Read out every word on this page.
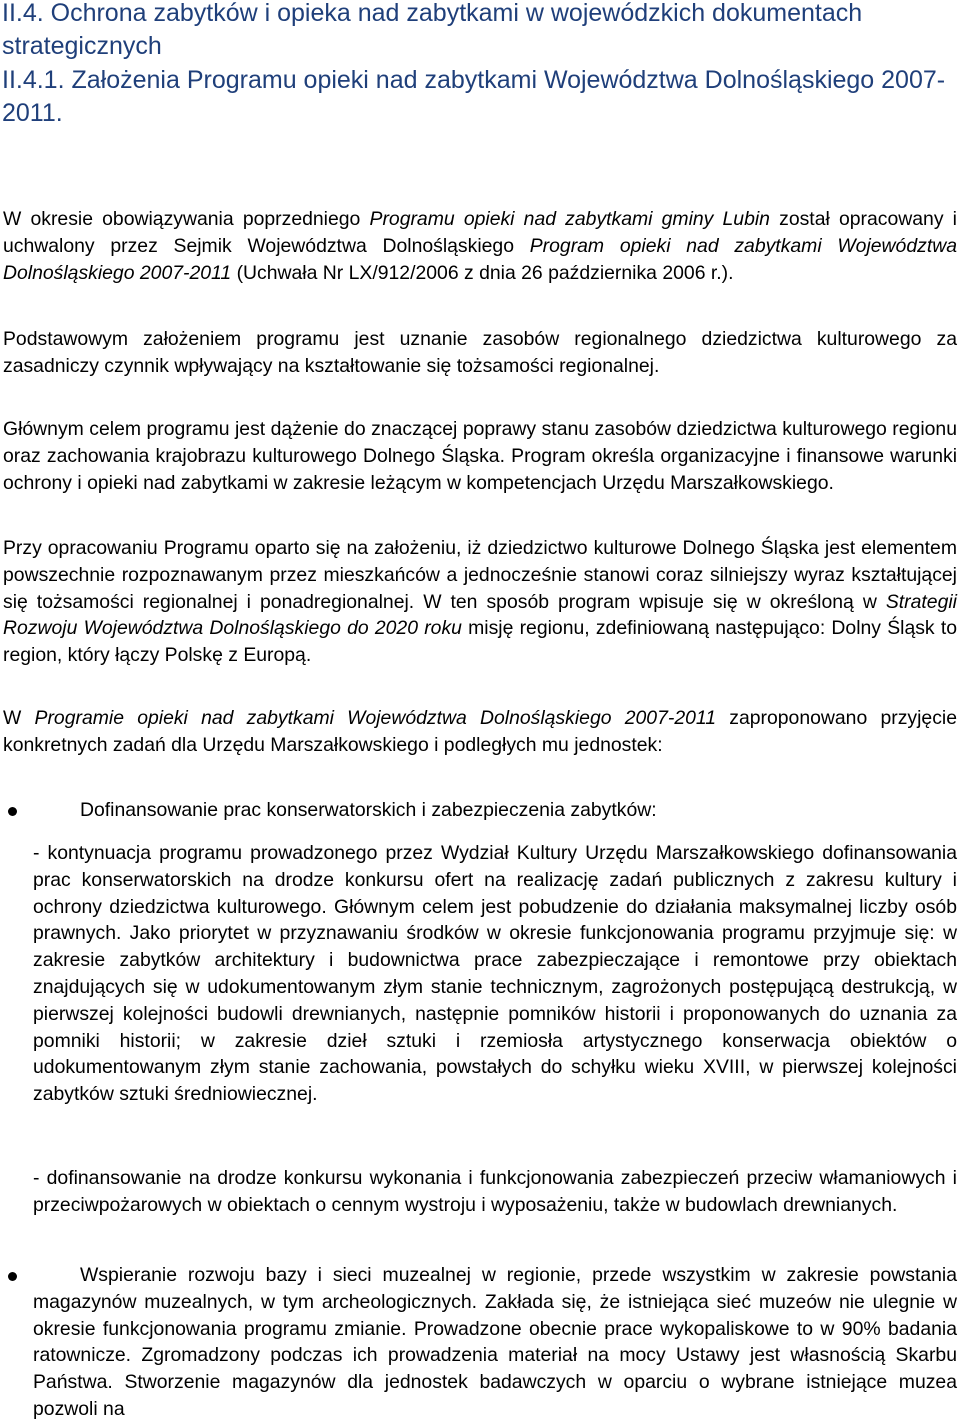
II.4. Ochrona zabytków i opieka nad zabytkami w wojewódzkich dokumentach strategicznych
II.4.1. Założenia Programu opieki nad zabytkami Województwa Dolnośląskiego 2007-2011.

W okresie obowiązywania poprzedniego Programu opieki nad zabytkami gminy Lubin został opracowany i uchwalony przez Sejmik Województwa Dolnośląskiego Program opieki nad zabytkami Województwa Dolnośląskiego 2007-2011 (Uchwała Nr LX/912/2006 z dnia 26 października 2006 r.).

Podstawowym założeniem programu jest uznanie zasobów regionalnego dziedzictwa kulturowego za zasadniczy czynnik wpływający na kształtowanie się tożsamości regionalnej.

Głównym celem programu jest dążenie do znaczącej poprawy stanu zasobów dziedzictwa kulturowego regionu oraz zachowania krajobrazu kulturowego Dolnego Śląska. Program określa organizacyjne i finansowe warunki ochrony i opieki nad zabytkami w zakresie leżącym w kompetencjach Urzędu Marszałkowskiego.

Przy opracowaniu Programu oparto się na założeniu, iż dziedzictwo kulturowe Dolnego Śląska jest elementem powszechnie rozpoznawanym przez mieszkańców a jednocześnie stanowi coraz silniejszy wyraz kształtującej się tożsamości regionalnej i ponadregionalnej. W ten sposób program wpisuje się w określoną w Strategii Rozwoju Województwa Dolnośląskiego do 2020 roku misję regionu, zdefiniowaną następująco: Dolny Śląsk to region, który łączy Polskę z Europą.

W Programie opieki nad zabytkami Województwa Dolnośląskiego 2007-2011 zaproponowano przyjęcie konkretnych zadań dla Urzędu Marszałkowskiego i podległych mu jednostek:

Dofinansowanie prac konserwatorskich i zabezpieczenia zabytków:

- kontynuacja programu prowadzonego przez Wydział Kultury Urzędu Marszałkowskiego dofinansowania prac konserwatorskich na drodze konkursu ofert na realizację zadań publicznych z zakresu kultury i ochrony dziedzictwa kulturowego. Głównym celem jest pobudzenie do działania maksymalnej liczby osób prawnych. Jako priorytet w przyznawaniu środków w okresie funkcjonowania programu przyjmuje się: w zakresie zabytków architektury i budownictwa prace zabezpieczające i remontowe przy obiektach znajdujących się w udokumentowanym złym stanie technicznym, zagrożonych postępującą destrukcją, w pierwszej kolejności budowli drewnianych, następnie pomników historii i proponowanych do uznania za pomniki historii; w zakresie dzieł sztuki i rzemiosła artystycznego konserwacja obiektów o udokumentowanym złym stanie zachowania, powstałych do schyłku wieku XVIII, w pierwszej kolejności zabytków sztuki średniowiecznej.

- dofinansowanie na drodze konkursu wykonania i funkcjonowania zabezpieczeń przeciw włamaniowych i przeciwpożarowych w obiektach o cennym wystroju i wyposażeniu, także w budowlach drewnianych.

Wspieranie rozwoju bazy i sieci muzealnej w regionie, przede wszystkim w zakresie powstania magazynów muzealnych, w tym archeologicznych. Zakłada się, że istniejąca sieć muzeów nie ulegnie w okresie funkcjonowania programu zmianie. Prowadzone obecnie prace wykopaliskowe to w 90% badania ratownicze. Zgromadzony podczas ich prowadzenia materiał na mocy Ustawy jest własnością Skarbu Państwa. Stworzenie magazynów dla jednostek badawczych w oparciu o wybrane istniejące muzea pozwoli na
